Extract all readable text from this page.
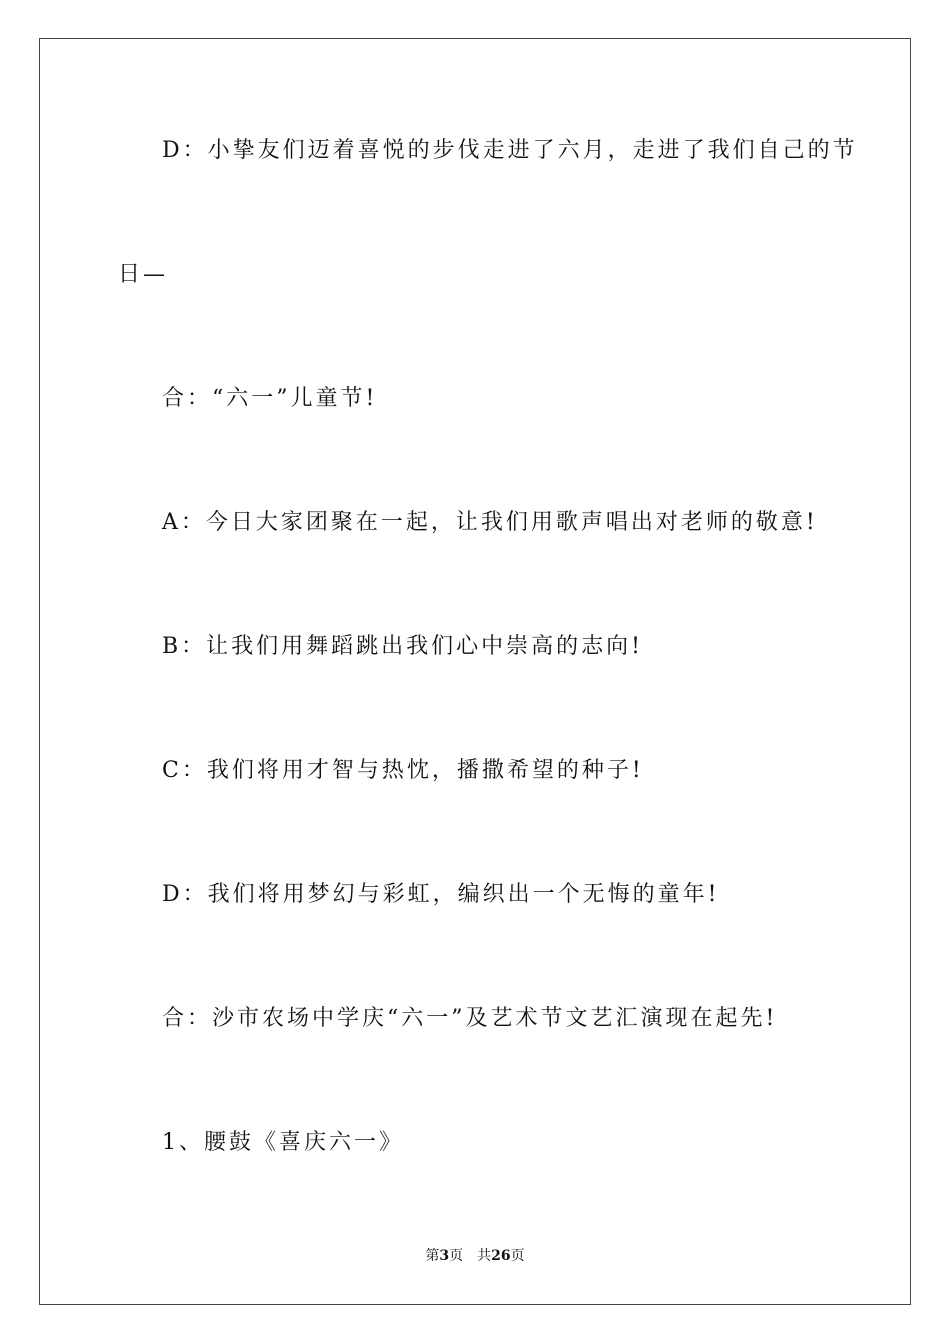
D：小挚友们迈着喜悦的步伐走进了六月，走进了我们自己的节
日—
合：“六一”儿童节!
A：今日大家团聚在一起，让我们用歌声唱出对老师的敬意!
B：让我们用舞蹈跳出我们心中崇高的志向!
C：我们将用才智与热忱，播撒希望的种子!
D：我们将用梦幻与彩虹，编织出一个无悔的童年!
合：沙市农场中学庆“六一”及艺术节文艺汇演现在起先!
1、腰鼓《喜庆六一》
第3页 共26页
